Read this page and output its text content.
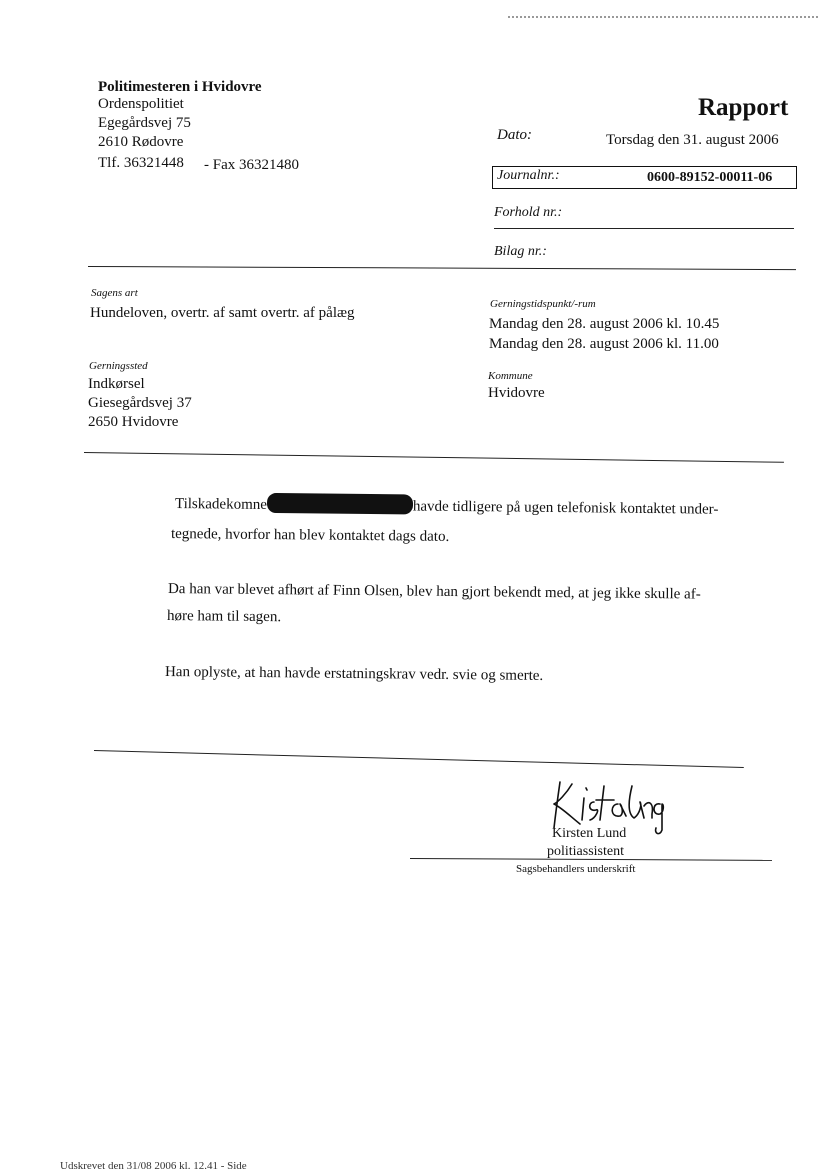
Politimesteren i Hvidovre
Ordenspolitiet
Egegårdsvej 75
2610 Rødovre
Tlf. 36321448 - Fax 36321480
Rapport
Dato:	Torsdag den 31. august 2006
Journalnr.:	0600-89152-00011-06
Forhold nr.:
Bilag nr.:
Sagens art
Hundeloven, overtr. af samt overtr. af pålæg
Gerningstidspunkt/-rum
Mandag den 28. august 2006 kl. 10.45
Mandag den 28. august 2006 kl. 11.00
Gerningssted
Indkørsel
Giesegårdsvej 37
2650 Hvidovre
Kommune
Hvidovre
Tilskadekomne	havde tidligere på ugen telefonisk kontaktet under-
tegnede, hvorfor han blev kontaktet dags dato.
Da han var blevet afhørt af Finn Olsen, blev han gjort bekendt med, at jeg ikke skulle af-
høre ham til sagen.
Han oplyste, at han havde erstatningskrav vedr. svie og smerte.
Kirsten Lund
politiassistent
Sagsbehandlers underskrift
Udskrevet den 31/08 2006 kl. 12.41 - Side
